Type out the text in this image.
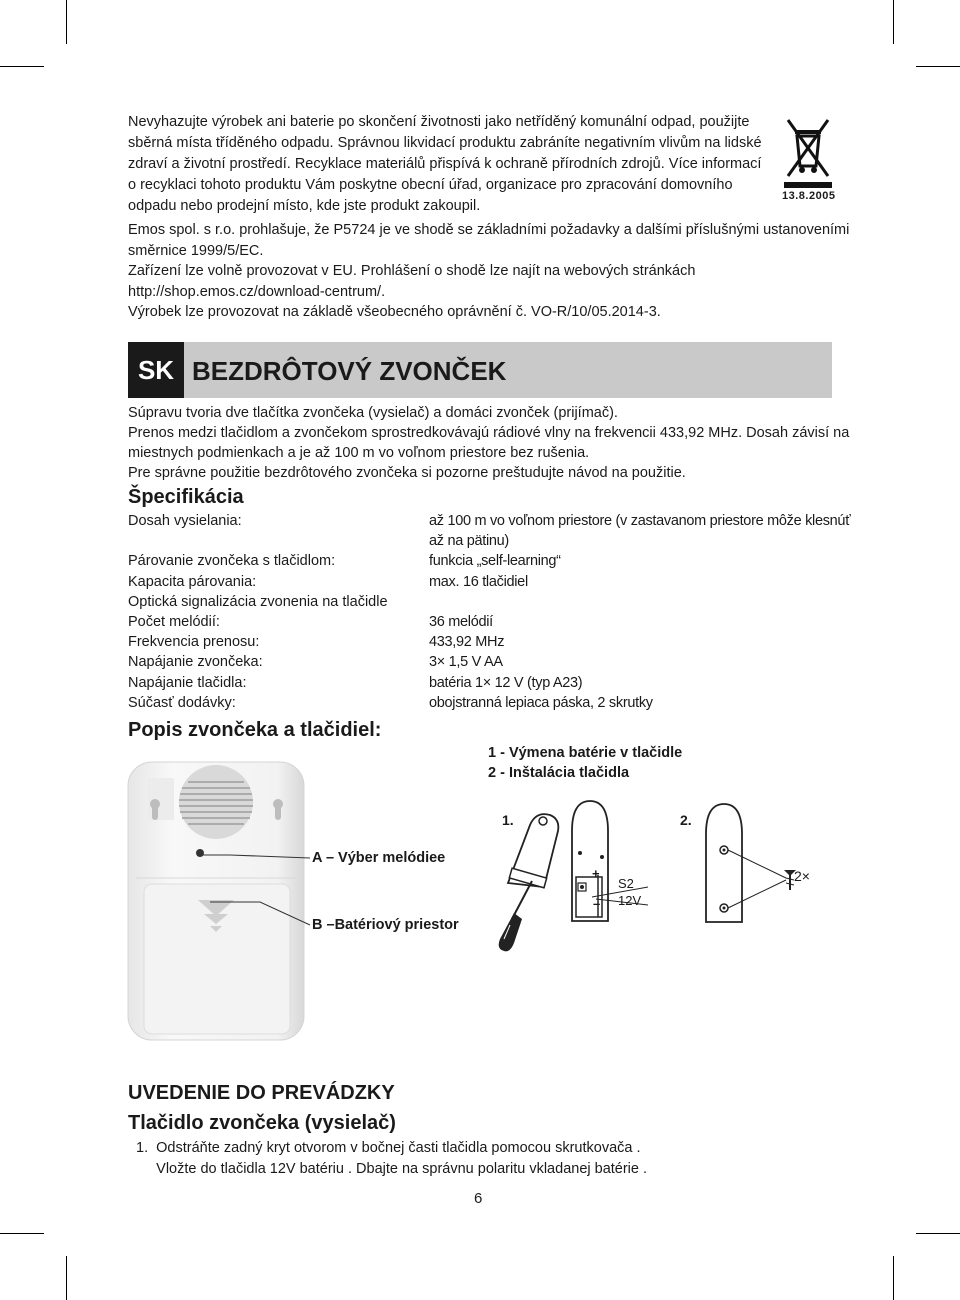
Nevyhazujte výrobek ani baterie po skončení životnosti jako netříděný komunální odpad, použijte sběrná místa tříděného odpadu. Správnou likvidací produktu zabráníte negativním vlivům na lidské zdraví a životní prostředí. Recyklace materiálů přispívá k ochraně přírodních zdrojů. Více informací o recyklaci tohoto produktu Vám poskytne obecní úřad, organizace pro zpracování domovního odpadu nebo prodejní místo, kde jste produkt zakoupil.

13.8.2005
Emos spol. s r.o. prohlašuje, že P5724 je ve shodě se základními požadavky a dalšími příslušnými ustanoveními
směrnice 1999/5/EC.
Zařízení lze volně provozovat v EU. Prohlášení o shodě lze najít na webových stránkách
http://shop.emos.cz/download-centrum/.
Výrobek lze provozovat na základě všeobecného oprávnění č. VO-R/10/05.2014-3.
SK BEZDRÔTOVÝ ZVONČEK
Súpravu tvoria dve tlačítka zvončeka (vysielač) a domáci zvonček (prijímač).
Prenos medzi tlačidlom a zvončekom sprostredkovávajú rádiové vlny na frekvencii 433,92 MHz. Dosah závisí na
miestnych podmienkach a je až 100 m vo voľnom priestore bez rušenia.
Pre správne použitie bezdrôtového zvončeka si pozorne preštudujte návod na použitie.
Špecifikácia
Dosah vysielania:	až 100 m vo voľnom priestore (v zastavanom priestore môže klesnúť
až na pätinu)
Párovanie zvončeka s tlačidlom:	funkcia „self-learning“
Kapacita párovania:	max. 16 tlačidiel
Optická signalizácia zvonenia na tlačidle
Počet melódií:	36 melódií
Frekvencia prenosu:	433,92 MHz
Napájanie zvončeka:	3× 1,5 V AA
Napájanie tlačidla:	batéria 1× 12 V (typ A23)
Súčasť dodávky:	obojstranná lepiaca páska, 2 skrutky
Popis zvončeka a tlačidiel:
1 - Výmena batérie v tlačidle
2 - Inštalácia tlačidla
A – Výber melódiee
B –Batériový priestor
1.	2.
+
–
S2
12V
2×
UVEDENIE DO PREVÁDZKY
Tlačidlo zvončeka (vysielač)
1.  Odstráňte zadný kryt otvorom v bočnej časti tlačidla pomocou skrutkovača .
Vložte do tlačidla 12V batériu . Dbajte na správnu polaritu vkladanej batérie .
6
